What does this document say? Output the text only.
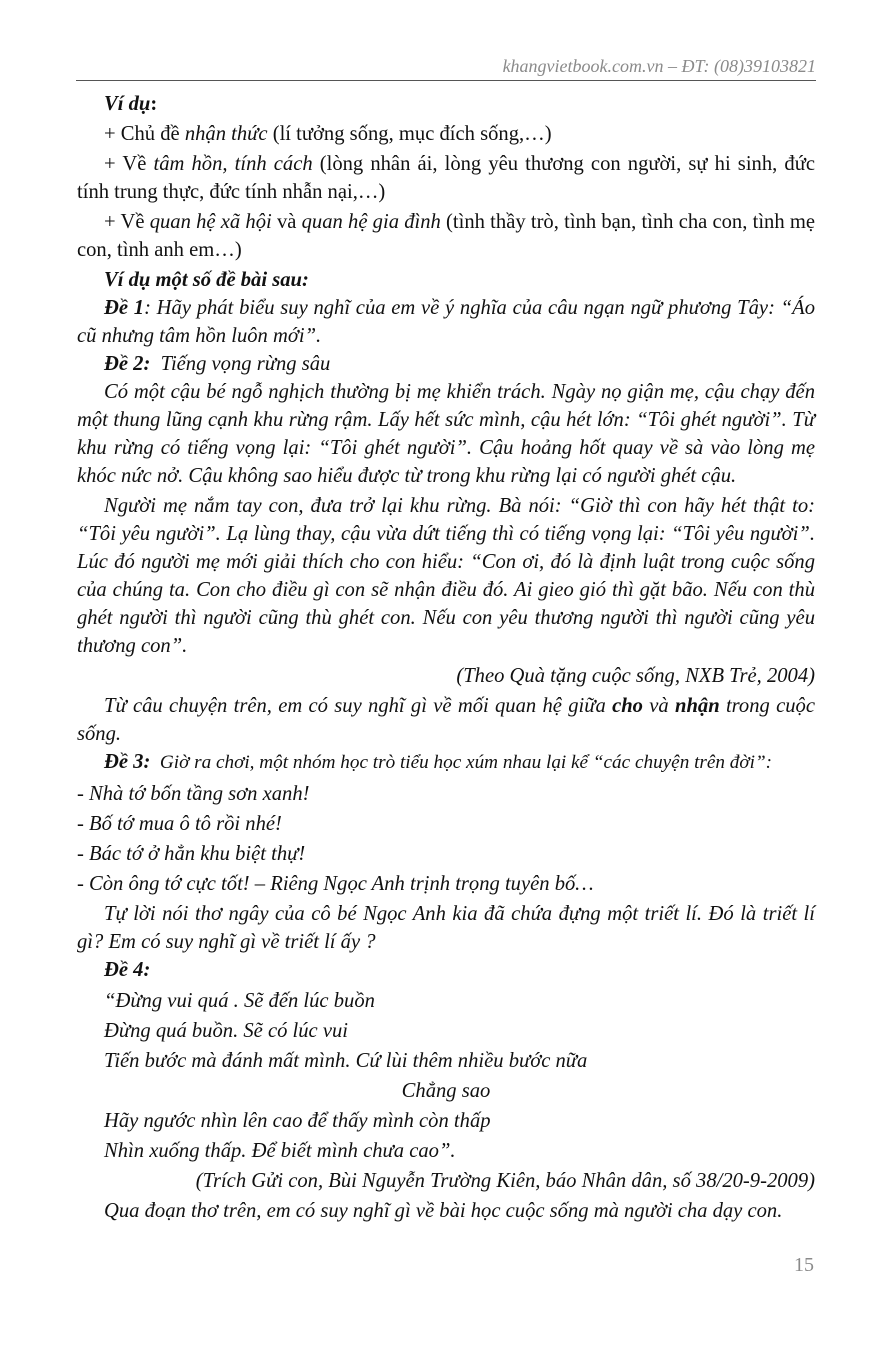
khangvietbook.com.vn – ĐT: (08)39103821

Ví dụ:

+ Chủ đề nhận thức (lí tưởng sống, mục đích sống,…)

+ Về tâm hồn, tính cách (lòng nhân ái, lòng yêu thương con người, sự hi sinh, đức tính trung thực, đức tính nhẫn nại,…)

+ Về quan hệ xã hội và quan hệ gia đình (tình thầy trò, tình bạn, tình cha con, tình mẹ con, tình anh em…)

Ví dụ một số đề bài sau:

Đề 1: Hãy phát biểu suy nghĩ của em về ý nghĩa của câu ngạn ngữ phương Tây: “Áo cũ nhưng tâm hồn luôn mới”.

Đề 2:  Tiếng vọng rừng sâu

Có một cậu bé ngỗ nghịch thường bị mẹ khiển trách. Ngày nọ giận mẹ, cậu chạy đến một thung lũng cạnh khu rừng rậm. Lấy hết sức mình, cậu hét lớn: “Tôi ghét người”. Từ khu rừng có tiếng vọng lại: “Tôi ghét người”. Cậu hoảng hốt quay về sà vào lòng mẹ khóc nức nở. Cậu không sao hiểu được từ trong khu rừng lại có người ghét cậu.

Người mẹ nắm tay con, đưa trở lại khu rừng. Bà nói: “Giờ thì con hãy hét thật to: “Tôi yêu người”. Lạ lùng thay, cậu vừa dứt tiếng thì có tiếng vọng lại: “Tôi yêu người”. Lúc đó người mẹ mới giải thích cho con hiểu: “Con ơi, đó là định luật trong cuộc sống của chúng ta. Con cho điều gì con sẽ nhận điều đó. Ai gieo gió thì gặt bão. Nếu con thù ghét người thì người cũng thù ghét con. Nếu con yêu thương người thì người cũng yêu thương con”.

(Theo Quà tặng cuộc sống, NXB Trẻ, 2004)

Từ câu chuyện trên, em có suy nghĩ gì về mối quan hệ giữa cho và nhận trong cuộc sống.

Đề 3:  Giờ ra chơi, một nhóm học trò tiểu học xúm nhau lại kể “các chuyện trên đời”:

- Nhà tớ bốn tầng sơn xanh!

- Bố tớ mua ô tô rồi nhé!

- Bác tớ ở hẳn khu biệt thự!

- Còn ông tớ cực tốt! – Riêng Ngọc Anh trịnh trọng tuyên bố…

Tự lời nói thơ ngây của cô bé Ngọc Anh kia đã chứa đựng một triết lí. Đó là triết lí gì? Em có suy nghĩ gì về triết lí ấy ?

Đề 4:

“Đừng vui quá . Sẽ đến lúc buồn

Đừng quá buồn. Sẽ có lúc vui

Tiến bước mà đánh mất mình. Cứ lùi thêm nhiều bước nữa

Chẳng sao

Hãy ngước nhìn lên cao để thấy mình còn thấp

Nhìn xuống thấp. Để biết mình chưa cao”.

(Trích Gửi con, Bùi Nguyễn Trường Kiên, báo Nhân dân, số 38/20-9-2009)

Qua đoạn thơ trên, em có suy nghĩ gì về bài học cuộc sống mà người cha dạy con.

15
